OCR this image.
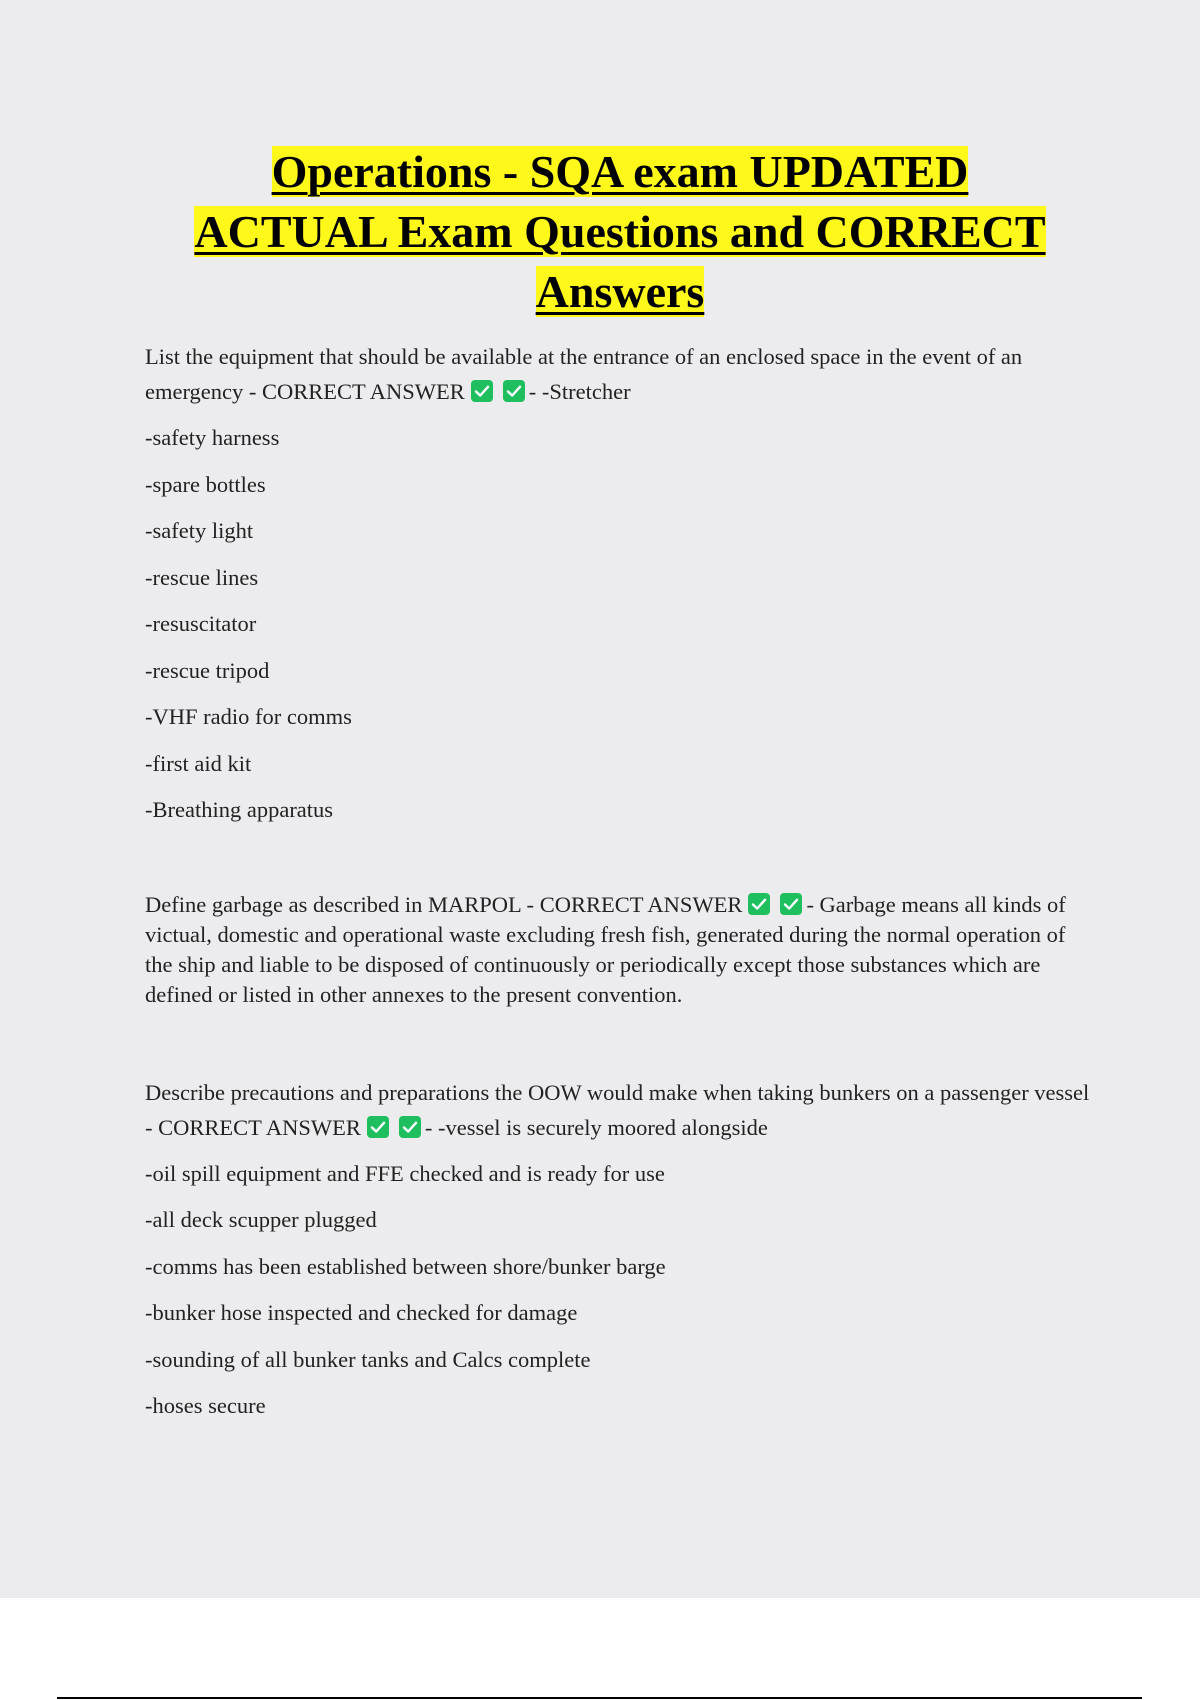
Operations - SQA exam UPDATED
ACTUAL Exam Questions and CORRECT
Answers

List the equipment that should be available at the entrance of an enclosed space in the event of an emergency - CORRECT ANSWER	- -Stretcher

-safety harness

-spare bottles

-safety light

-rescue lines

-resuscitator

-rescue tripod

-VHF radio for comms

-first aid kit

-Breathing apparatus

Define garbage as described in MARPOL - CORRECT ANSWER	- Garbage means all kinds of victual, domestic and operational waste excluding fresh fish, generated during the normal operation of the ship and liable to be disposed of continuously or periodically except those substances which are defined or listed in other annexes to the present convention.

Describe precautions and preparations the OOW would make when taking bunkers on a passenger vessel - CORRECT ANSWER	- -vessel is securely moored alongside

-oil spill equipment and FFE checked and is ready for use

-all deck scupper plugged

-comms has been established between shore/bunker barge

-bunker hose inspected and checked for damage

-sounding of all bunker tanks and Calcs complete

-hoses secure
